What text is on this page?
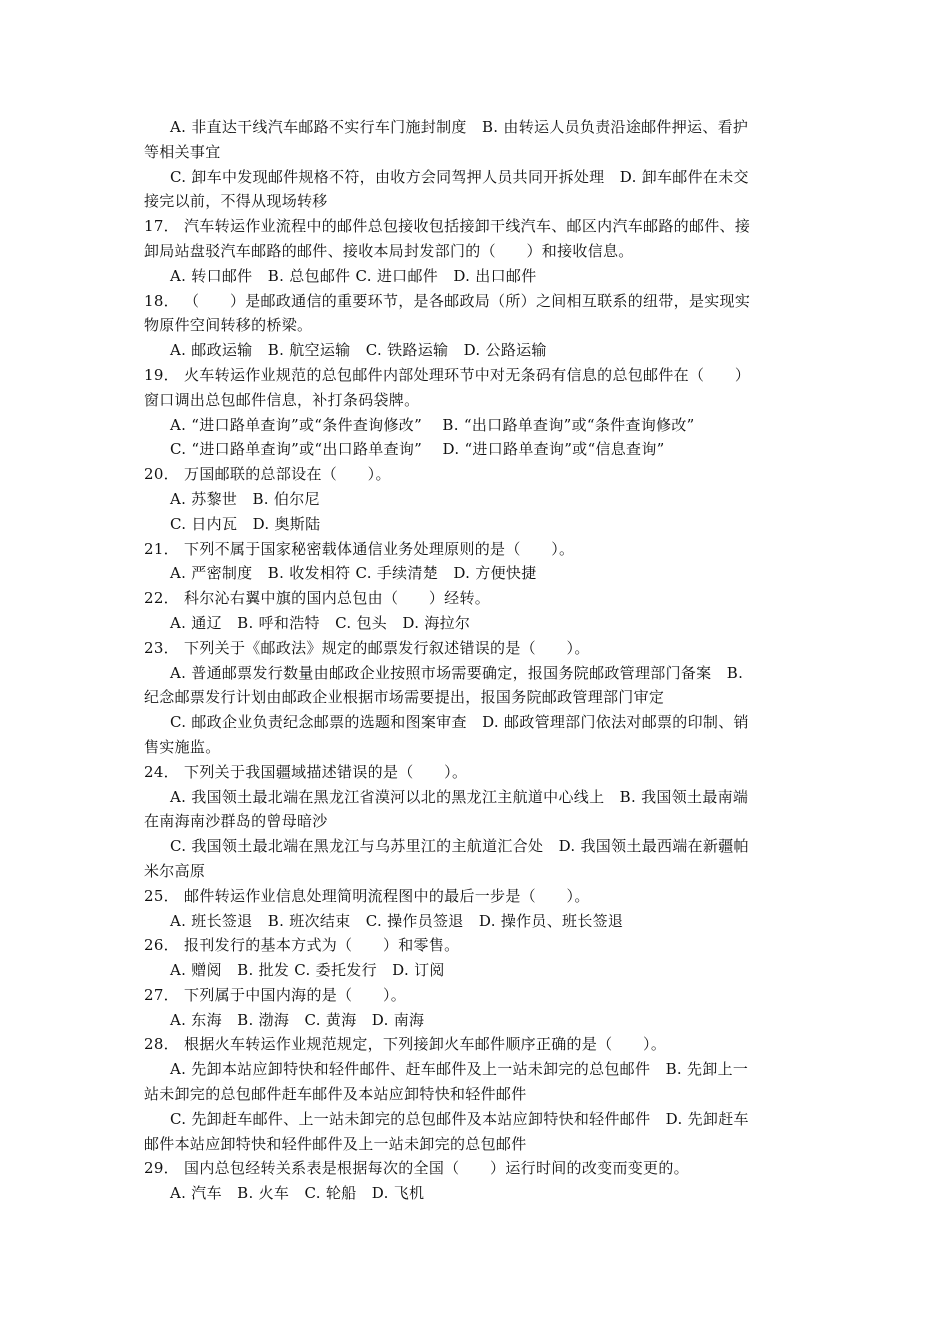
A. 非直达干线汽车邮路不实行车门施封制度　B. 由转运人员负责沿途邮件押运、看护
等相关事宜
C. 卸车中发现邮件规格不符，由收方会同驾押人员共同开拆处理　D. 卸车邮件在未交
接完以前，不得从现场转移
17． 汽车转运作业流程中的邮件总包接收包括接卸干线汽车、邮区内汽车邮路的邮件、接
卸局站盘驳汽车邮路的邮件、接收本局封发部门的（　　）和接收信息。
A. 转口邮件　B. 总包邮件 C. 进口邮件　D. 出口邮件
18． （　　）是邮政通信的重要环节，是各邮政局（所）之间相互联系的纽带，是实现实
物原件空间转移的桥梁。
A. 邮政运输　B. 航空运输　C. 铁路运输　D. 公路运输
19． 火车转运作业规范的总包邮件内部处理环节中对无条码有信息的总包邮件在（　　）
窗口调出总包邮件信息，补打条码袋牌。
A. “进口路单查询”或“条件查询修改”　 B. “出口路单查询”或“条件查询修改”
C. “进口路单查询”或“出口路单查询”　 D. “进口路单查询”或“信息查询”
20． 万国邮联的总部设在（　　）。
A. 苏黎世　B. 伯尔尼
C. 日内瓦　D. 奥斯陆
21． 下列不属于国家秘密载体通信业务处理原则的是（　　）。
A. 严密制度　B. 收发相符 C. 手续清楚　D. 方便快捷
22． 科尔沁右翼中旗的国内总包由（　　）经转。
A. 通辽　B. 呼和浩特　C. 包头　D. 海拉尔
23． 下列关于《邮政法》规定的邮票发行叙述错误的是（　　）。
A. 普通邮票发行数量由邮政企业按照市场需要确定，报国务院邮政管理部门备案　B.
纪念邮票发行计划由邮政企业根据市场需要提出，报国务院邮政管理部门审定
C. 邮政企业负责纪念邮票的选题和图案审查　D. 邮政管理部门依法对邮票的印制、销
售实施监。
24． 下列关于我国疆域描述错误的是（　　）。
A. 我国领土最北端在黑龙江省漠河以北的黑龙江主航道中心线上　B. 我国领土最南端
在南海南沙群岛的曾母暗沙
C. 我国领土最北端在黑龙江与乌苏里江的主航道汇合处　D. 我国领土最西端在新疆帕
米尔高原
25． 邮件转运作业信息处理简明流程图中的最后一步是（　　）。
A. 班长签退　B. 班次结束　C. 操作员签退　D. 操作员、班长签退
26． 报刊发行的基本方式为（　　）和零售。
A. 赠阅　B. 批发 C. 委托发行　D. 订阅
27． 下列属于中国内海的是（　　）。
A. 东海　B. 渤海　C. 黄海　D. 南海
28． 根据火车转运作业规范规定，下列接卸火车邮件顺序正确的是（　　）。
A. 先卸本站应卸特快和轻件邮件、赶车邮件及上一站未卸完的总包邮件　B. 先卸上一
站未卸完的总包邮件赶车邮件及本站应卸特快和轻件邮件
C. 先卸赶车邮件、上一站未卸完的总包邮件及本站应卸特快和轻件邮件　D. 先卸赶车
邮件本站应卸特快和轻件邮件及上一站未卸完的总包邮件
29． 国内总包经转关系表是根据每次的全国（　　）运行时间的改变而变更的。
A. 汽车　B. 火车　C. 轮船　D. 飞机
